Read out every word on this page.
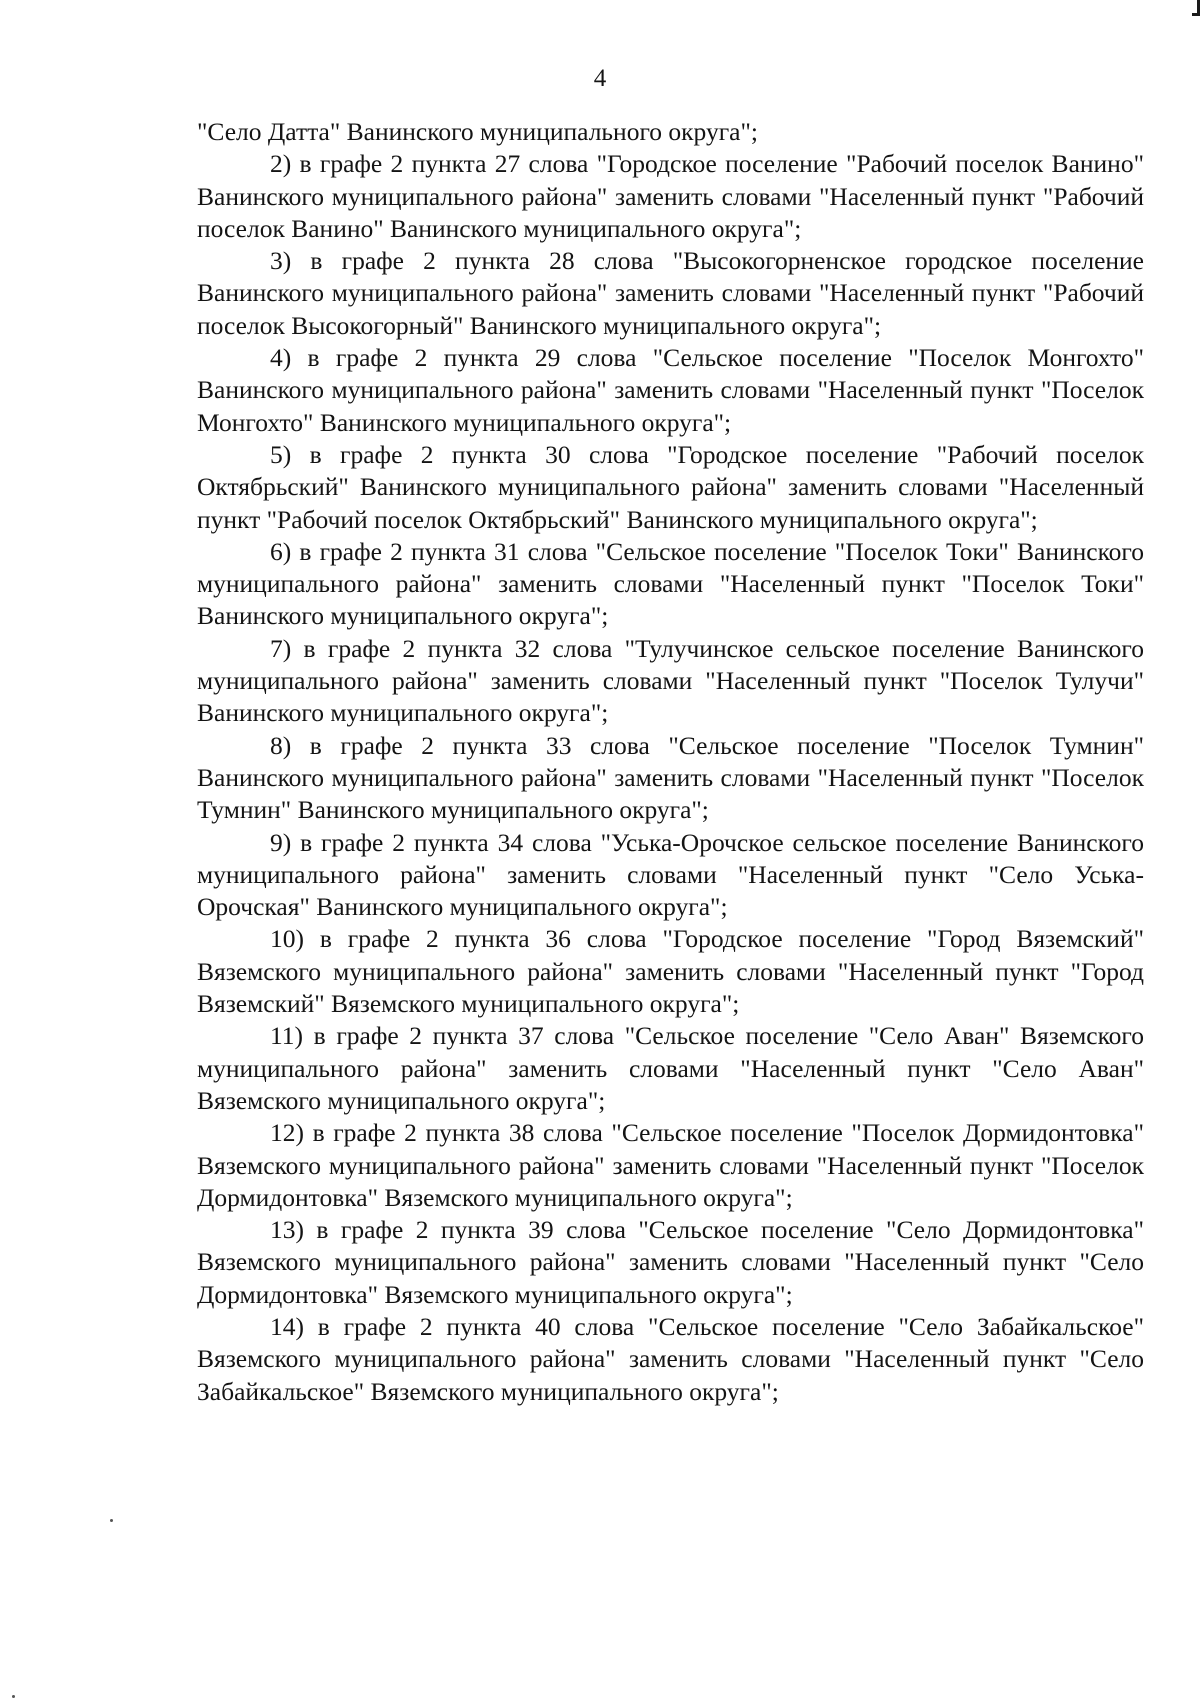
4

"Село Датта" Ванинского муниципального округа";

2) в графе 2 пункта 27 слова "Городское поселение "Рабочий поселок Ванино" Ванинского муниципального района" заменить словами "Населенный пункт "Рабочий поселок Ванино" Ванинского муниципального округа";

3) в графе 2 пункта 28 слова "Высокогорненское городское поселение Ванинского муниципального района" заменить словами "Населенный пункт "Рабочий поселок Высокогорный" Ванинского муниципального округа";

4) в графе 2 пункта 29 слова "Сельское поселение "Поселок Монгохто" Ванинского муниципального района" заменить словами "Населенный пункт "Поселок Монгохто" Ванинского муниципального округа";

5) в графе 2 пункта 30 слова "Городское поселение "Рабочий поселок Октябрьский" Ванинского муниципального района" заменить словами "Населенный пункт "Рабочий поселок Октябрьский" Ванинского муниципального округа";

6) в графе 2 пункта 31 слова "Сельское поселение "Поселок Токи" Ванинского муниципального района" заменить словами "Населенный пункт "Поселок Токи" Ванинского муниципального округа";

7) в графе 2 пункта 32 слова "Тулучинское сельское поселение Ванинского муниципального района" заменить словами "Населенный пункт "Поселок Тулучи" Ванинского муниципального округа";

8) в графе 2 пункта 33 слова "Сельское поселение "Поселок Тумнин" Ванинского муниципального района" заменить словами "Населенный пункт "Поселок Тумнин" Ванинского муниципального округа";

9) в графе 2 пункта 34 слова "Уська-Орочское сельское поселение Ванинского муниципального района" заменить словами "Населенный пункт "Село Уська-Орочская" Ванинского муниципального округа";

10) в графе 2 пункта 36 слова "Городское поселение "Город Вяземский" Вяземского муниципального района" заменить словами "Населенный пункт "Город Вяземский" Вяземского муниципального округа";

11) в графе 2 пункта 37 слова "Сельское поселение "Село Аван" Вяземского муниципального района" заменить словами "Населенный пункт "Село Аван" Вяземского муниципального округа";

12) в графе 2 пункта 38 слова "Сельское поселение "Поселок Дормидонтовка" Вяземского муниципального района" заменить словами "Населенный пункт "Поселок Дормидонтовка" Вяземского муниципального округа";

13) в графе 2 пункта 39 слова "Сельское поселение "Село Дормидонтовка" Вяземского муниципального района" заменить словами "Населенный пункт "Село Дормидонтовка" Вяземского муниципального округа";

14) в графе 2 пункта 40 слова "Сельское поселение "Село Забайкальское" Вяземского муниципального района" заменить словами "Населенный пункт "Село Забайкальское" Вяземского муниципального округа";
